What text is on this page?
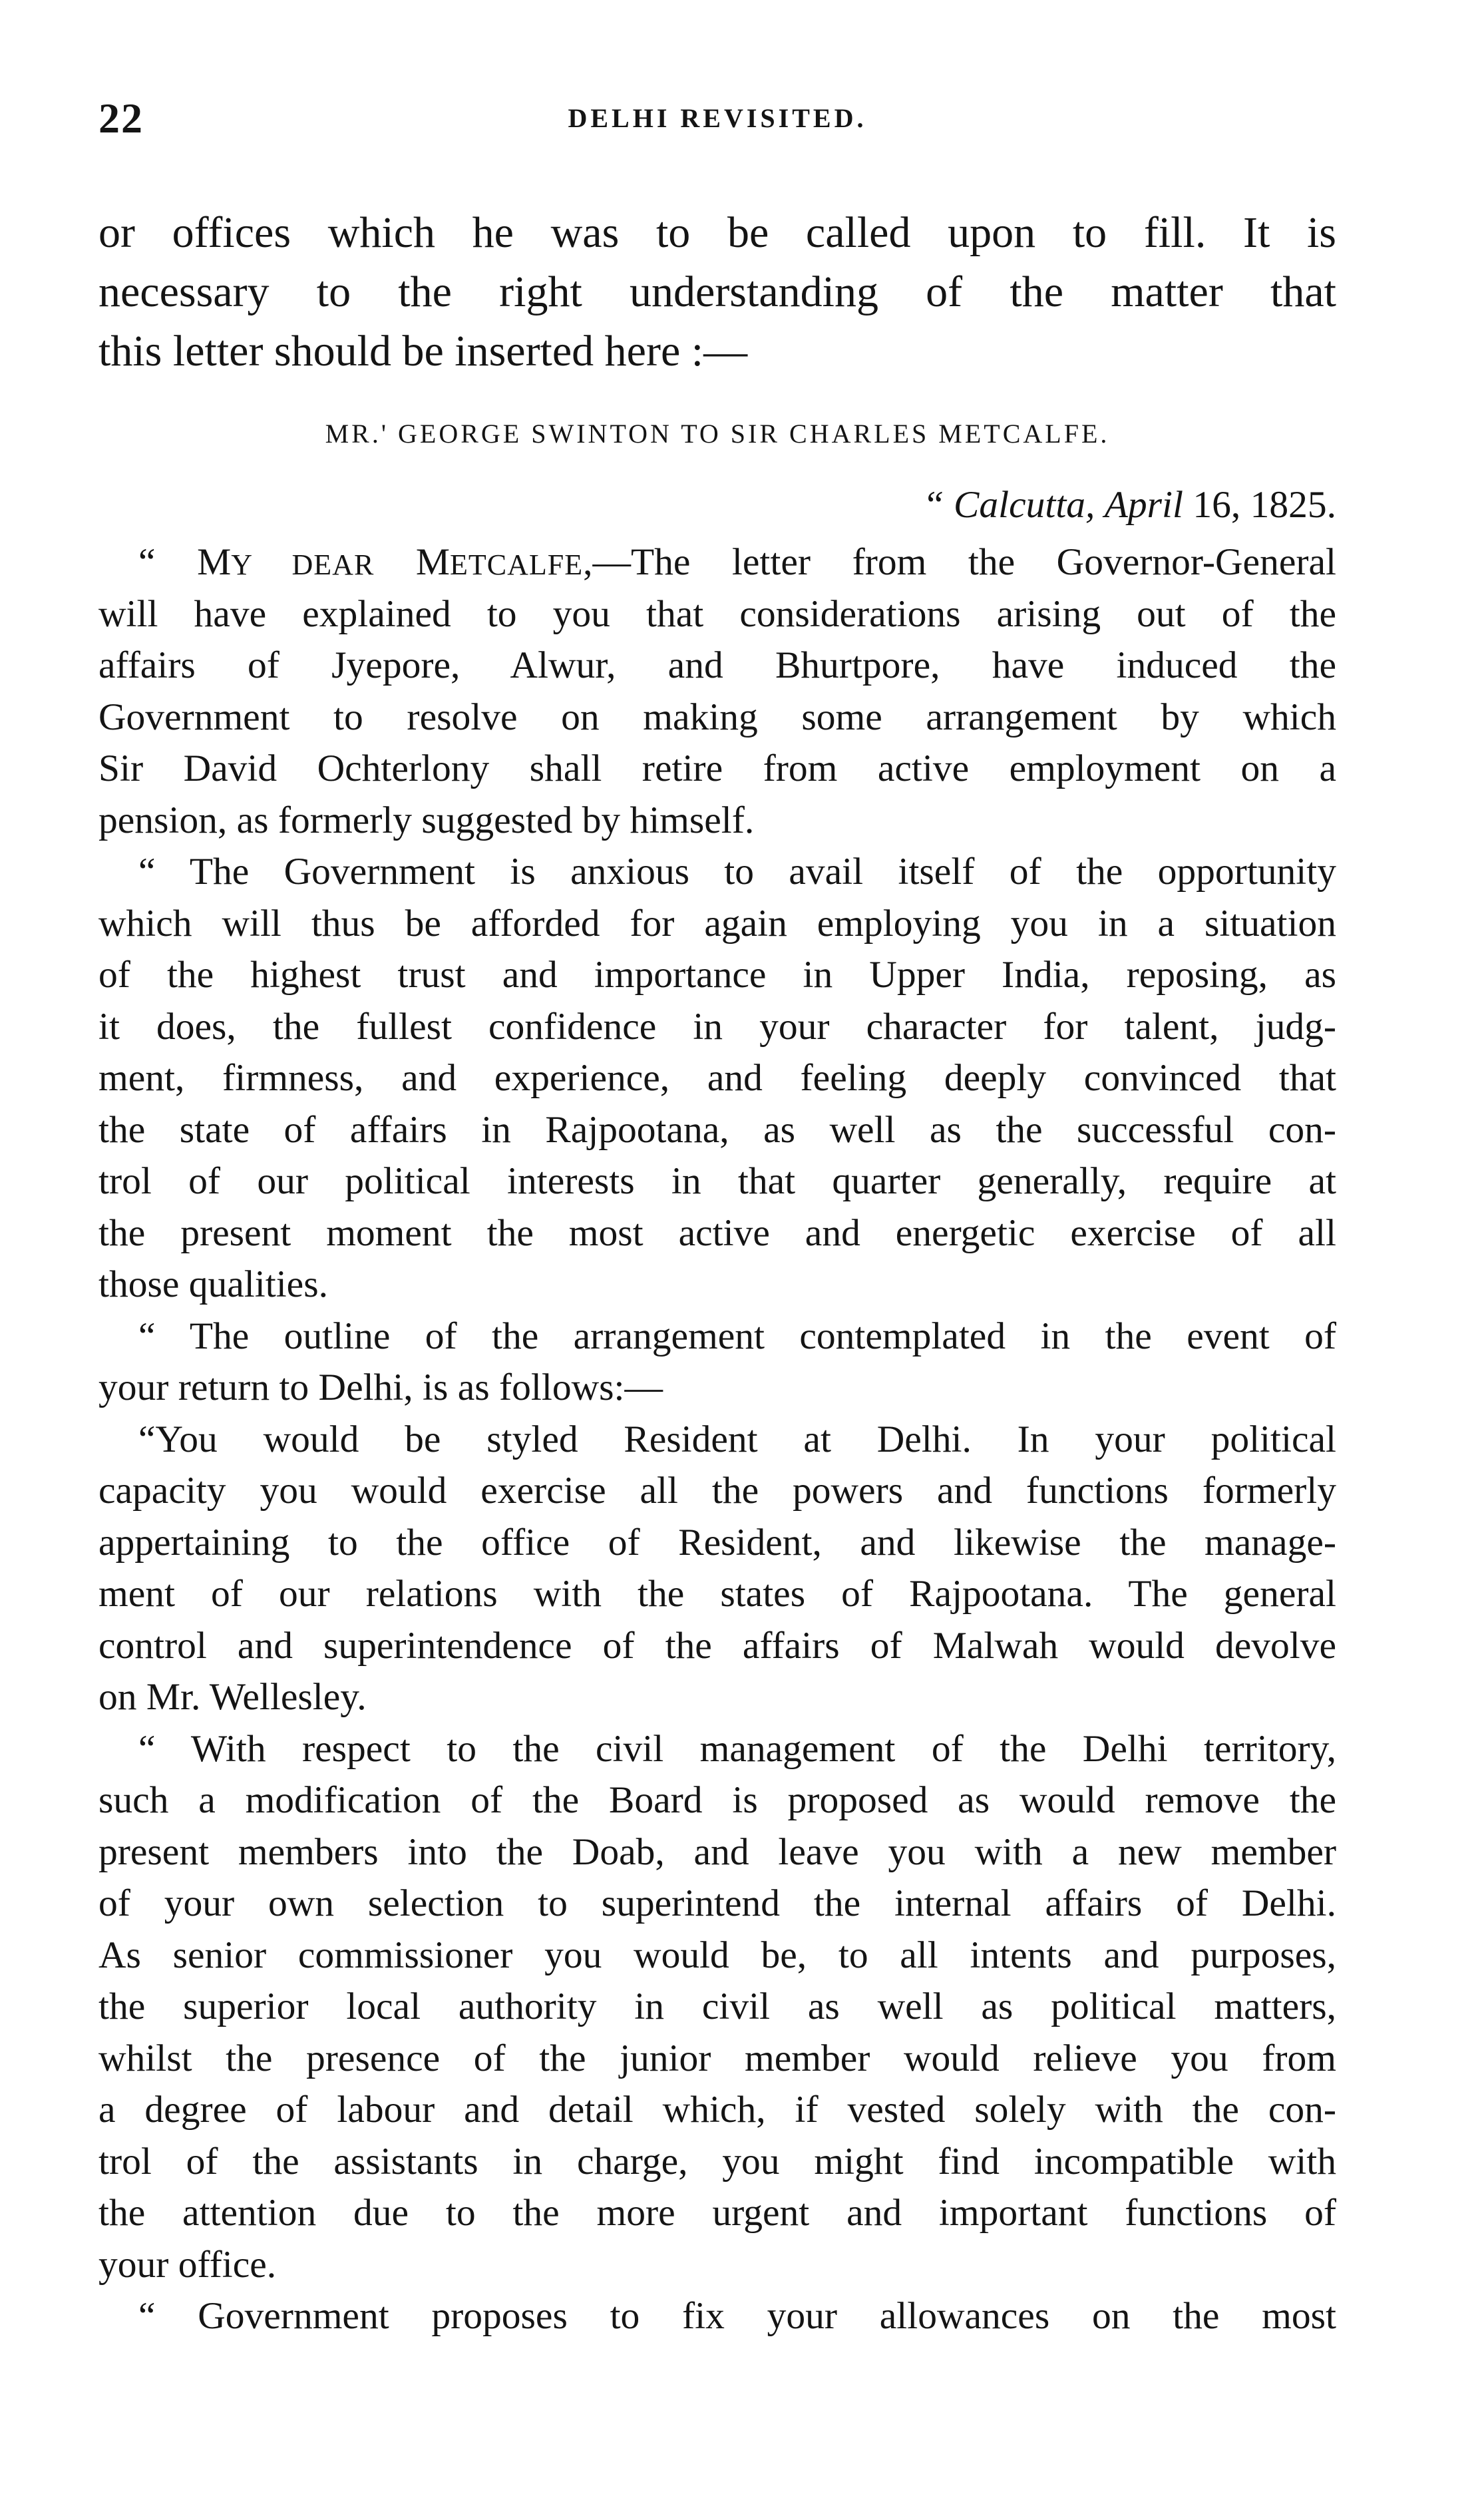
22	DELHI REVISITED.
or offices which he was to be called upon to fill. It is
necessary to the right understanding of the matter that
this letter should be inserted here :—
MR.' GEORGE SWINTON TO SIR CHARLES METCALFE.
“ Calcutta, April 16, 1825.
“ MY DEAR METCALFE,—The letter from the Governor-General
will have explained to you that considerations arising out of the
affairs of Jyepore, Alwur, and Bhurtpore, have induced the
Government to resolve on making some arrangement by which
Sir David Ochterlony shall retire from active employment on a
pension, as formerly suggested by himself.
“ The Government is anxious to avail itself of the opportunity
which will thus be afforded for again employing you in a situation
of the highest trust and importance in Upper India, reposing, as
it does, the fullest confidence in your character for talent, judg-
ment, firmness, and experience, and feeling deeply convinced that
the state of affairs in Rajpootana, as well as the successful con-
trol of our political interests in that quarter generally, require at
the present moment the most active and energetic exercise of all
those qualities.
“ The outline of the arrangement contemplated in the event of
your return to Delhi, is as follows:—
“You would be styled Resident at Delhi. In your political
capacity you would exercise all the powers and functions formerly
appertaining to the office of Resident, and likewise the manage-
ment of our relations with the states of Rajpootana. The general
control and superintendence of the affairs of Malwah would devolve
on Mr. Wellesley.
“ With respect to the civil management of the Delhi territory,
such a modification of the Board is proposed as would remove the
present members into the Doab, and leave you with a new member
of your own selection to superintend the internal affairs of Delhi.
As senior commissioner you would be, to all intents and purposes,
the superior local authority in civil as well as political matters,
whilst the presence of the junior member would relieve you from
a degree of labour and detail which, if vested solely with the con-
trol of the assistants in charge, you might find incompatible with
the attention due to the more urgent and important functions of
your office.
“ Government proposes to fix your allowances on the most
